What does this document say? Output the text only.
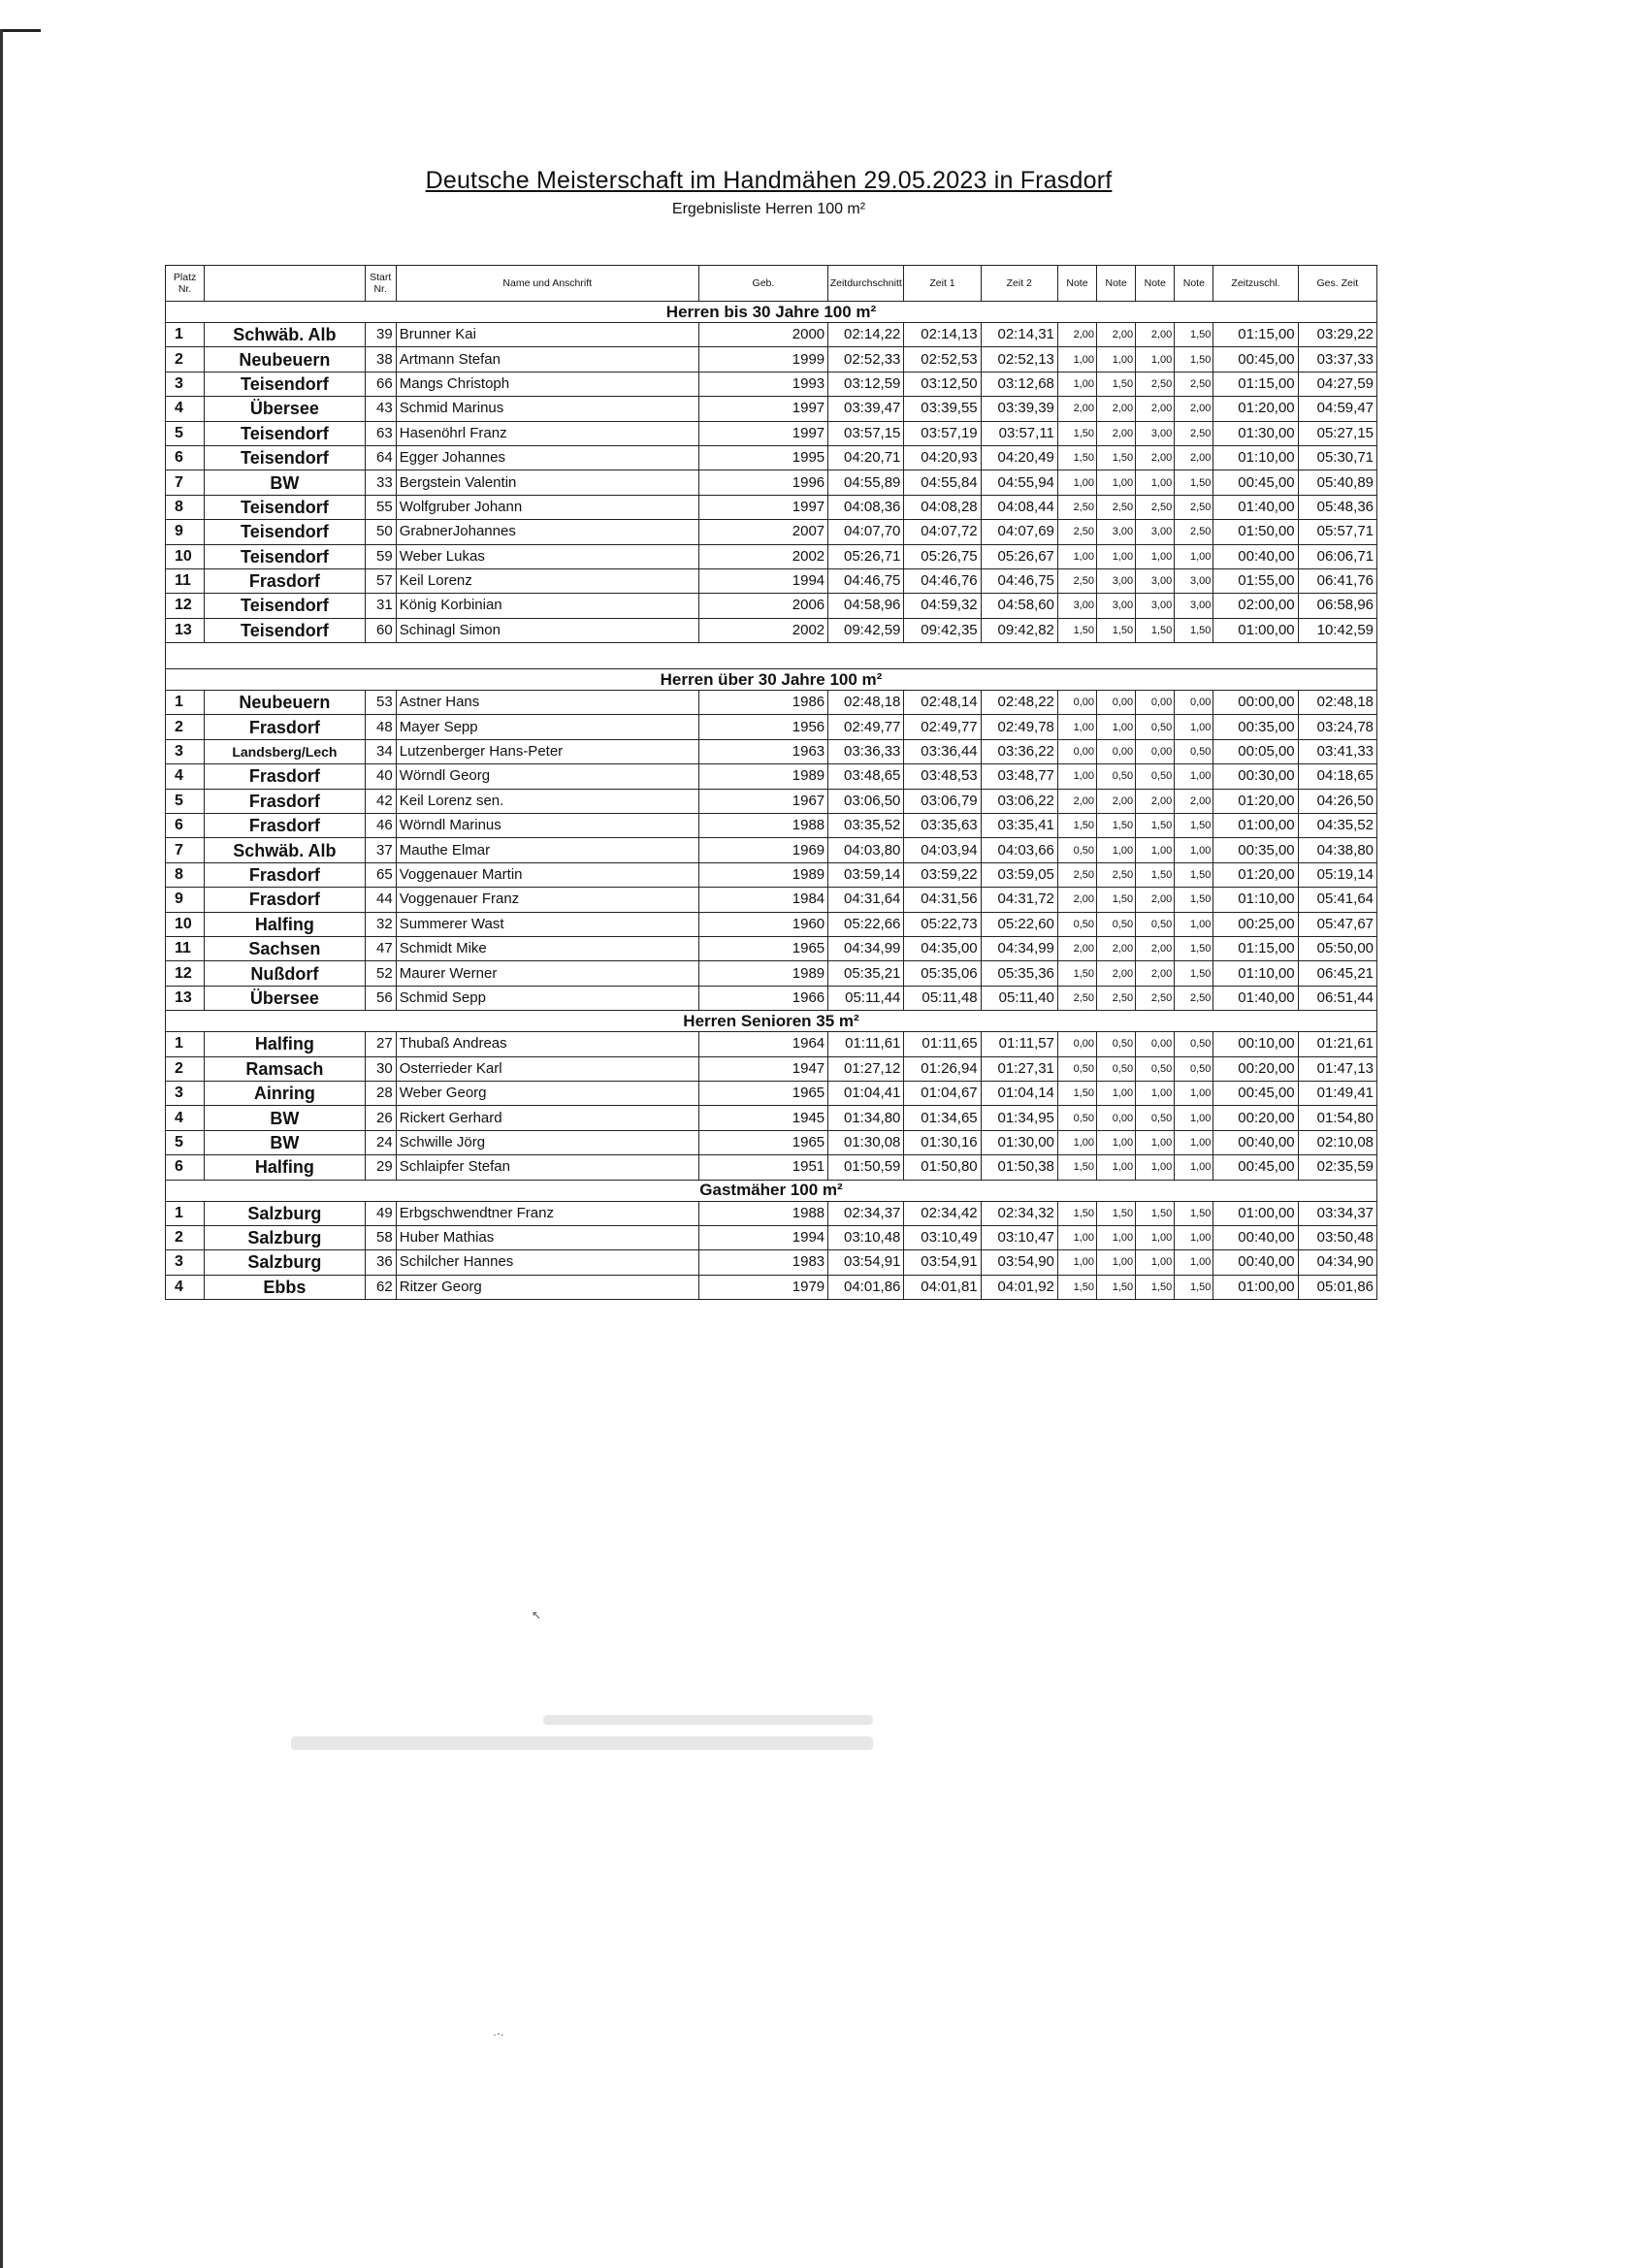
Deutsche Meisterschaft im Handmähen 29.05.2023 in Frasdorf
Ergebnisliste Herren 100 m²
Platz Nr.		Start Nr.	Name und Anschrift	Geb.	Zeitdurchschnitt	Zeit 1	Zeit 2	Note	Note	Note	Note	Zeitzuschl.	Ges. Zeit
Herren bis 30 Jahre 100 m²													
1	Schwäb. Alb	39	Brunner Kai	2000	02:14,22	02:14,13	02:14,31	2,00	2,00	2,00	1,50	01:15,00	03:29,22
2	Neubeuern	38	Artmann Stefan	1999	02:52,33	02:52,53	02:52,13	1,00	1,00	1,00	1,50	00:45,00	03:37,33
3	Teisendorf	66	Mangs Christoph	1993	03:12,59	03:12,50	03:12,68	1,00	1,50	2,50	2,50	01:15,00	04:27,59
4	Übersee	43	Schmid Marinus	1997	03:39,47	03:39,55	03:39,39	2,00	2,00	2,00	2,00	01:20,00	04:59,47
5	Teisendorf	63	Hasenöhrl Franz	1997	03:57,15	03:57,19	03:57,11	1,50	2,00	3,00	2,50	01:30,00	05:27,15
6	Teisendorf	64	Egger Johannes	1995	04:20,71	04:20,93	04:20,49	1,50	1,50	2,00	2,00	01:10,00	05:30,71
7	BW	33	Bergstein Valentin	1996	04:55,89	04:55,84	04:55,94	1,00	1,00	1,00	1,50	00:45,00	05:40,89
8	Teisendorf	55	Wolfgruber Johann	1997	04:08,36	04:08,28	04:08,44	2,50	2,50	2,50	2,50	01:40,00	05:48,36
9	Teisendorf	50	GrabnerJohannes	2007	04:07,70	04:07,72	04:07,69	2,50	3,00	3,00	2,50	01:50,00	05:57,71
10	Teisendorf	59	Weber Lukas	2002	05:26,71	05:26,75	05:26,67	1,00	1,00	1,00	1,00	00:40,00	06:06,71
11	Frasdorf	57	Keil Lorenz	1994	04:46,75	04:46,76	04:46,75	2,50	3,00	3,00	3,00	01:55,00	06:41,76
12	Teisendorf	31	König Korbinian	2006	04:58,96	04:59,32	04:58,60	3,00	3,00	3,00	3,00	02:00,00	06:58,96
13	Teisendorf	60	Schinagl Simon	2002	09:42,59	09:42,35	09:42,82	1,50	1,50	1,50	1,50	01:00,00	10:42,59

Herren über 30 Jahre 100 m²													
1	Neubeuern	53	Astner Hans	1986	02:48,18	02:48,14	02:48,22	0,00	0,00	0,00	0,00	00:00,00	02:48,18
2	Frasdorf	48	Mayer Sepp	1956	02:49,77	02:49,77	02:49,78	1,00	1,00	0,50	1,00	00:35,00	03:24,78
3	Landsberg/Lech	34	Lutzenberger Hans-Peter	1963	03:36,33	03:36,44	03:36,22	0,00	0,00	0,00	0,50	00:05,00	03:41,33
4	Frasdorf	40	Wörndl Georg	1989	03:48,65	03:48,53	03:48,77	1,00	0,50	0,50	1,00	00:30,00	04:18,65
5	Frasdorf	42	Keil Lorenz sen.	1967	03:06,50	03:06,79	03:06,22	2,00	2,00	2,00	2,00	01:20,00	04:26,50
6	Frasdorf	46	Wörndl Marinus	1988	03:35,52	03:35,63	03:35,41	1,50	1,50	1,50	1,50	01:00,00	04:35,52
7	Schwäb. Alb	37	Mauthe Elmar	1969	04:03,80	04:03,94	04:03,66	0,50	1,00	1,00	1,00	00:35,00	04:38,80
8	Frasdorf	65	Voggenauer Martin	1989	03:59,14	03:59,22	03:59,05	2,50	2,50	1,50	1,50	01:20,00	05:19,14
9	Frasdorf	44	Voggenauer Franz	1984	04:31,64	04:31,56	04:31,72	2,00	1,50	2,00	1,50	01:10,00	05:41,64
10	Halfing	32	Summerer Wast	1960	05:22,66	05:22,73	05:22,60	0,50	0,50	0,50	1,00	00:25,00	05:47,67
11	Sachsen	47	Schmidt Mike	1965	04:34,99	04:35,00	04:34,99	2,00	2,00	2,00	1,50	01:15,00	05:50,00
12	Nußdorf	52	Maurer Werner	1989	05:35,21	05:35,06	05:35,36	1,50	2,00	2,00	1,50	01:10,00	06:45,21
13	Übersee	56	Schmid Sepp	1966	05:11,44	05:11,48	05:11,40	2,50	2,50	2,50	2,50	01:40,00	06:51,44
Herren Senioren 35 m²													
1	Halfing	27	Thubaß Andreas	1964	01:11,61	01:11,65	01:11,57	0,00	0,50	0,00	0,50	00:10,00	01:21,61
2	Ramsach	30	Osterrieder Karl	1947	01:27,12	01:26,94	01:27,31	0,50	0,50	0,50	0,50	00:20,00	01:47,13
3	Ainring	28	Weber Georg	1965	01:04,41	01:04,67	01:04,14	1,50	1,00	1,00	1,00	00:45,00	01:49,41
4	BW	26	Rickert Gerhard	1945	01:34,80	01:34,65	01:34,95	0,50	0,00	0,50	1,00	00:20,00	01:54,80
5	BW	24	Schwille Jörg	1965	01:30,08	01:30,16	01:30,00	1,00	1,00	1,00	1,00	00:40,00	02:10,08
6	Halfing	29	Schlaipfer Stefan	1951	01:50,59	01:50,80	01:50,38	1,50	1,00	1,00	1,00	00:45,00	02:35,59
Gastmäher 100 m²													
1	Salzburg	49	Erbgschwendtner Franz	1988	02:34,37	02:34,42	02:34,32	1,50	1,50	1,50	1,50	01:00,00	03:34,37
2	Salzburg	58	Huber Mathias	1994	03:10,48	03:10,49	03:10,47	1,00	1,00	1,00	1,00	00:40,00	03:50,48
3	Salzburg	36	Schilcher Hannes	1983	03:54,91	03:54,91	03:54,90	1,00	1,00	1,00	1,00	00:40,00	04:34,90
4	Ebbs	62	Ritzer Georg	1979	04:01,86	04:01,81	04:01,92	1,50	1,50	1,50	1,50	01:00,00	05:01,86
↖
·‧·
